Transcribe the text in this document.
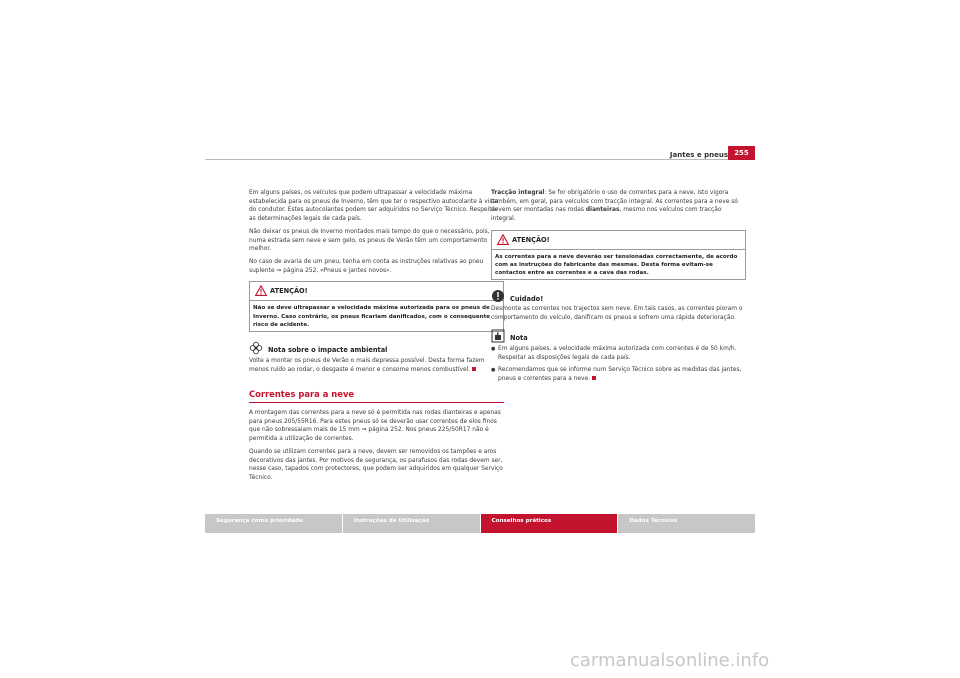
Jantes e pneus 255

Em alguns países, os veículos que podem ultrapassar a velocidade máxima estabelecida para os pneus de Inverno, têm que ter o respectivo autocolante à vista do condutor. Estes autocolantes podem ser adquiridos no Serviço Técnico. Respeitar as determinações legais de cada país.

Não deixar os pneus de Inverno montados mais tempo do que o necessário, pois, numa estrada sem neve e sem gelo, os pneus de Verão têm um comportamento melhor.

No caso de avaria de um pneu, tenha em conta as instruções relativas ao pneu suplente ⇒ página 252, «Pneus e jantes novos».

ATENÇÃO!
Não se deve ultrapassar a velocidade máxima autorizada para os pneus de Inverno. Caso contrário, os pneus ficariam danificados, com o consequente risco de acidente.
Nota sobre o impacte ambiental

Volte a montar os pneus de Verão o mais depressa possível. Desta forma fazem menos ruído ao rodar, o desgaste é menor e consome menos combustível.

Correntes para a neve

A montagem das correntes para a neve só é permitida nas rodas dianteiras e apenas para pneus 205/55R16. Para estes pneus só se deverão usar correntes de elos finos que não sobressaiam mais de 15 mm ⇒ página 252. Nos pneus 225/50R17 não é permitida a utilização de correntes.

Quando se utilizam correntes para a neve, devem ser removidos os tampões e aros decorativos das jantes. Por motivos de segurança, os parafusos das rodas devem ser, nesse caso, tapados com protectores, que podem ser adquiridos em qualquer Serviço Técnico.

Tracção integral: Se for obrigatório o uso de correntes para a neve, isto vigora também, em geral, para veículos com tracção integral. As correntes para a neve só devem ser montadas nas rodas dianteiras, mesmo nos veículos com tracção integral.

ATENÇÃO!
As correntes para a neve deverão ser tensionadas correctamente, de acordo com as instruções do fabricante das mesmas. Desta forma evitam-se contactos entre as correntes e a cava das rodas.
Cuidado!

Desmonte as correntes nos trajectos sem neve. Em tais casos, as correntes pioram o comportamento do veículo, danificam os pneus e sofrem uma rápida deterioração.

Nota

● Em alguns países, a velocidade máxima autorizada com correntes é de 50 km/h. Respeitar as disposições legais de cada país.

● Recomendamos que se informe num Serviço Técnico sobre as medidas das jantes, pneus e correntes para a neve.

Segurança como prioridade	Instruções de Utilização	Conselhos práticos	Dados Técnicos
carmanualsonline.info
